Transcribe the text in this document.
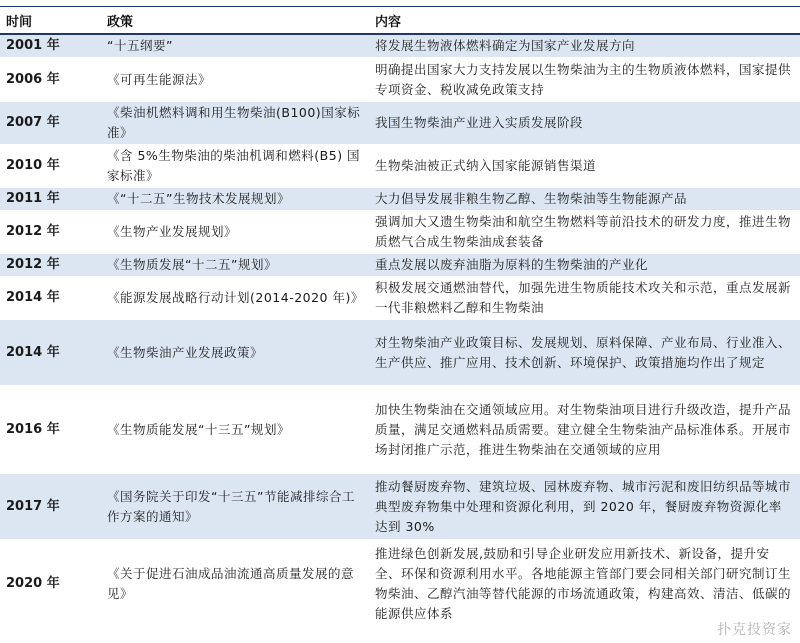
时间	政策	内容
2001 年	“十五纲要”	将发展生物液体燃料确定为国家产业发展方向
2006 年	《可再生能源法》	明确提出国家大力支持发展以生物柴油为主的生物质液体燃料，国家提供专项资金、税收减免政策支持
2007 年	《柴油机燃料调和用生物柴油(B100)国家标准》	我国生物柴油产业进入实质发展阶段
2010 年	《含 5%生物柴油的柴油机调和燃料(B5) 国家标准》	生物柴油被正式纳入国家能源销售渠道
2011 年	《“十二五”生物技术发展规划》	大力倡导发展非粮生物乙醇、生物柴油等生物能源产品
2012 年	《生物产业发展规划》	强调加大又遗生物柴油和航空生物燃料等前沿技术的研发力度，推进生物质燃气合成生物柴油成套装备
2012 年	《生物质发展“十二五”规划》	重点发展以废弃油脂为原料的生物柴油的产业化
2014 年	《能源发展战略行动计划(2014-2020 年)》	积极发展交通燃油替代，加强先进生物质能技术攻关和示范，重点发展新一代非粮燃料乙醇和生物柴油
2014 年	《生物柴油产业发展政策》	对生物柴油产业政策目标、发展规划、原料保障、产业布局、行业准入、生产供应、推广应用、技术创新、环境保护、政策措施均作出了规定
2016 年	《生物质能发展“十三五”规划》	加快生物柴油在交通领域应用。对生物柴油项目进行升级改造，提升产品质量，满足交通燃料品质需要。建立健全生物柴油产品标准体系。开展市场封闭推广示范，推进生物柴油在交通领域的应用
2017 年	《国务院关于印发“十三五”节能减排综合工作方案的通知》	推动餐厨废弃物、建筑垃圾、园林废弃物、城市污泥和废旧纺织品等城市典型废弃物集中处理和资源化利用，到 2020 年，餐厨废弃物资源化率达到 30%
2020 年	《关于促进石油成品油流通高质量发展的意见》	推进绿色创新发展,鼓励和引导企业研发应用新技术、新设备，提升安全、环保和资源利用水平。各地能源主管部门要会同相关部门研究制订生物柴油、乙醇汽油等替代能源的市场流通政策，构建高效、清洁、低碳的能源供应体系
扑克投资家
